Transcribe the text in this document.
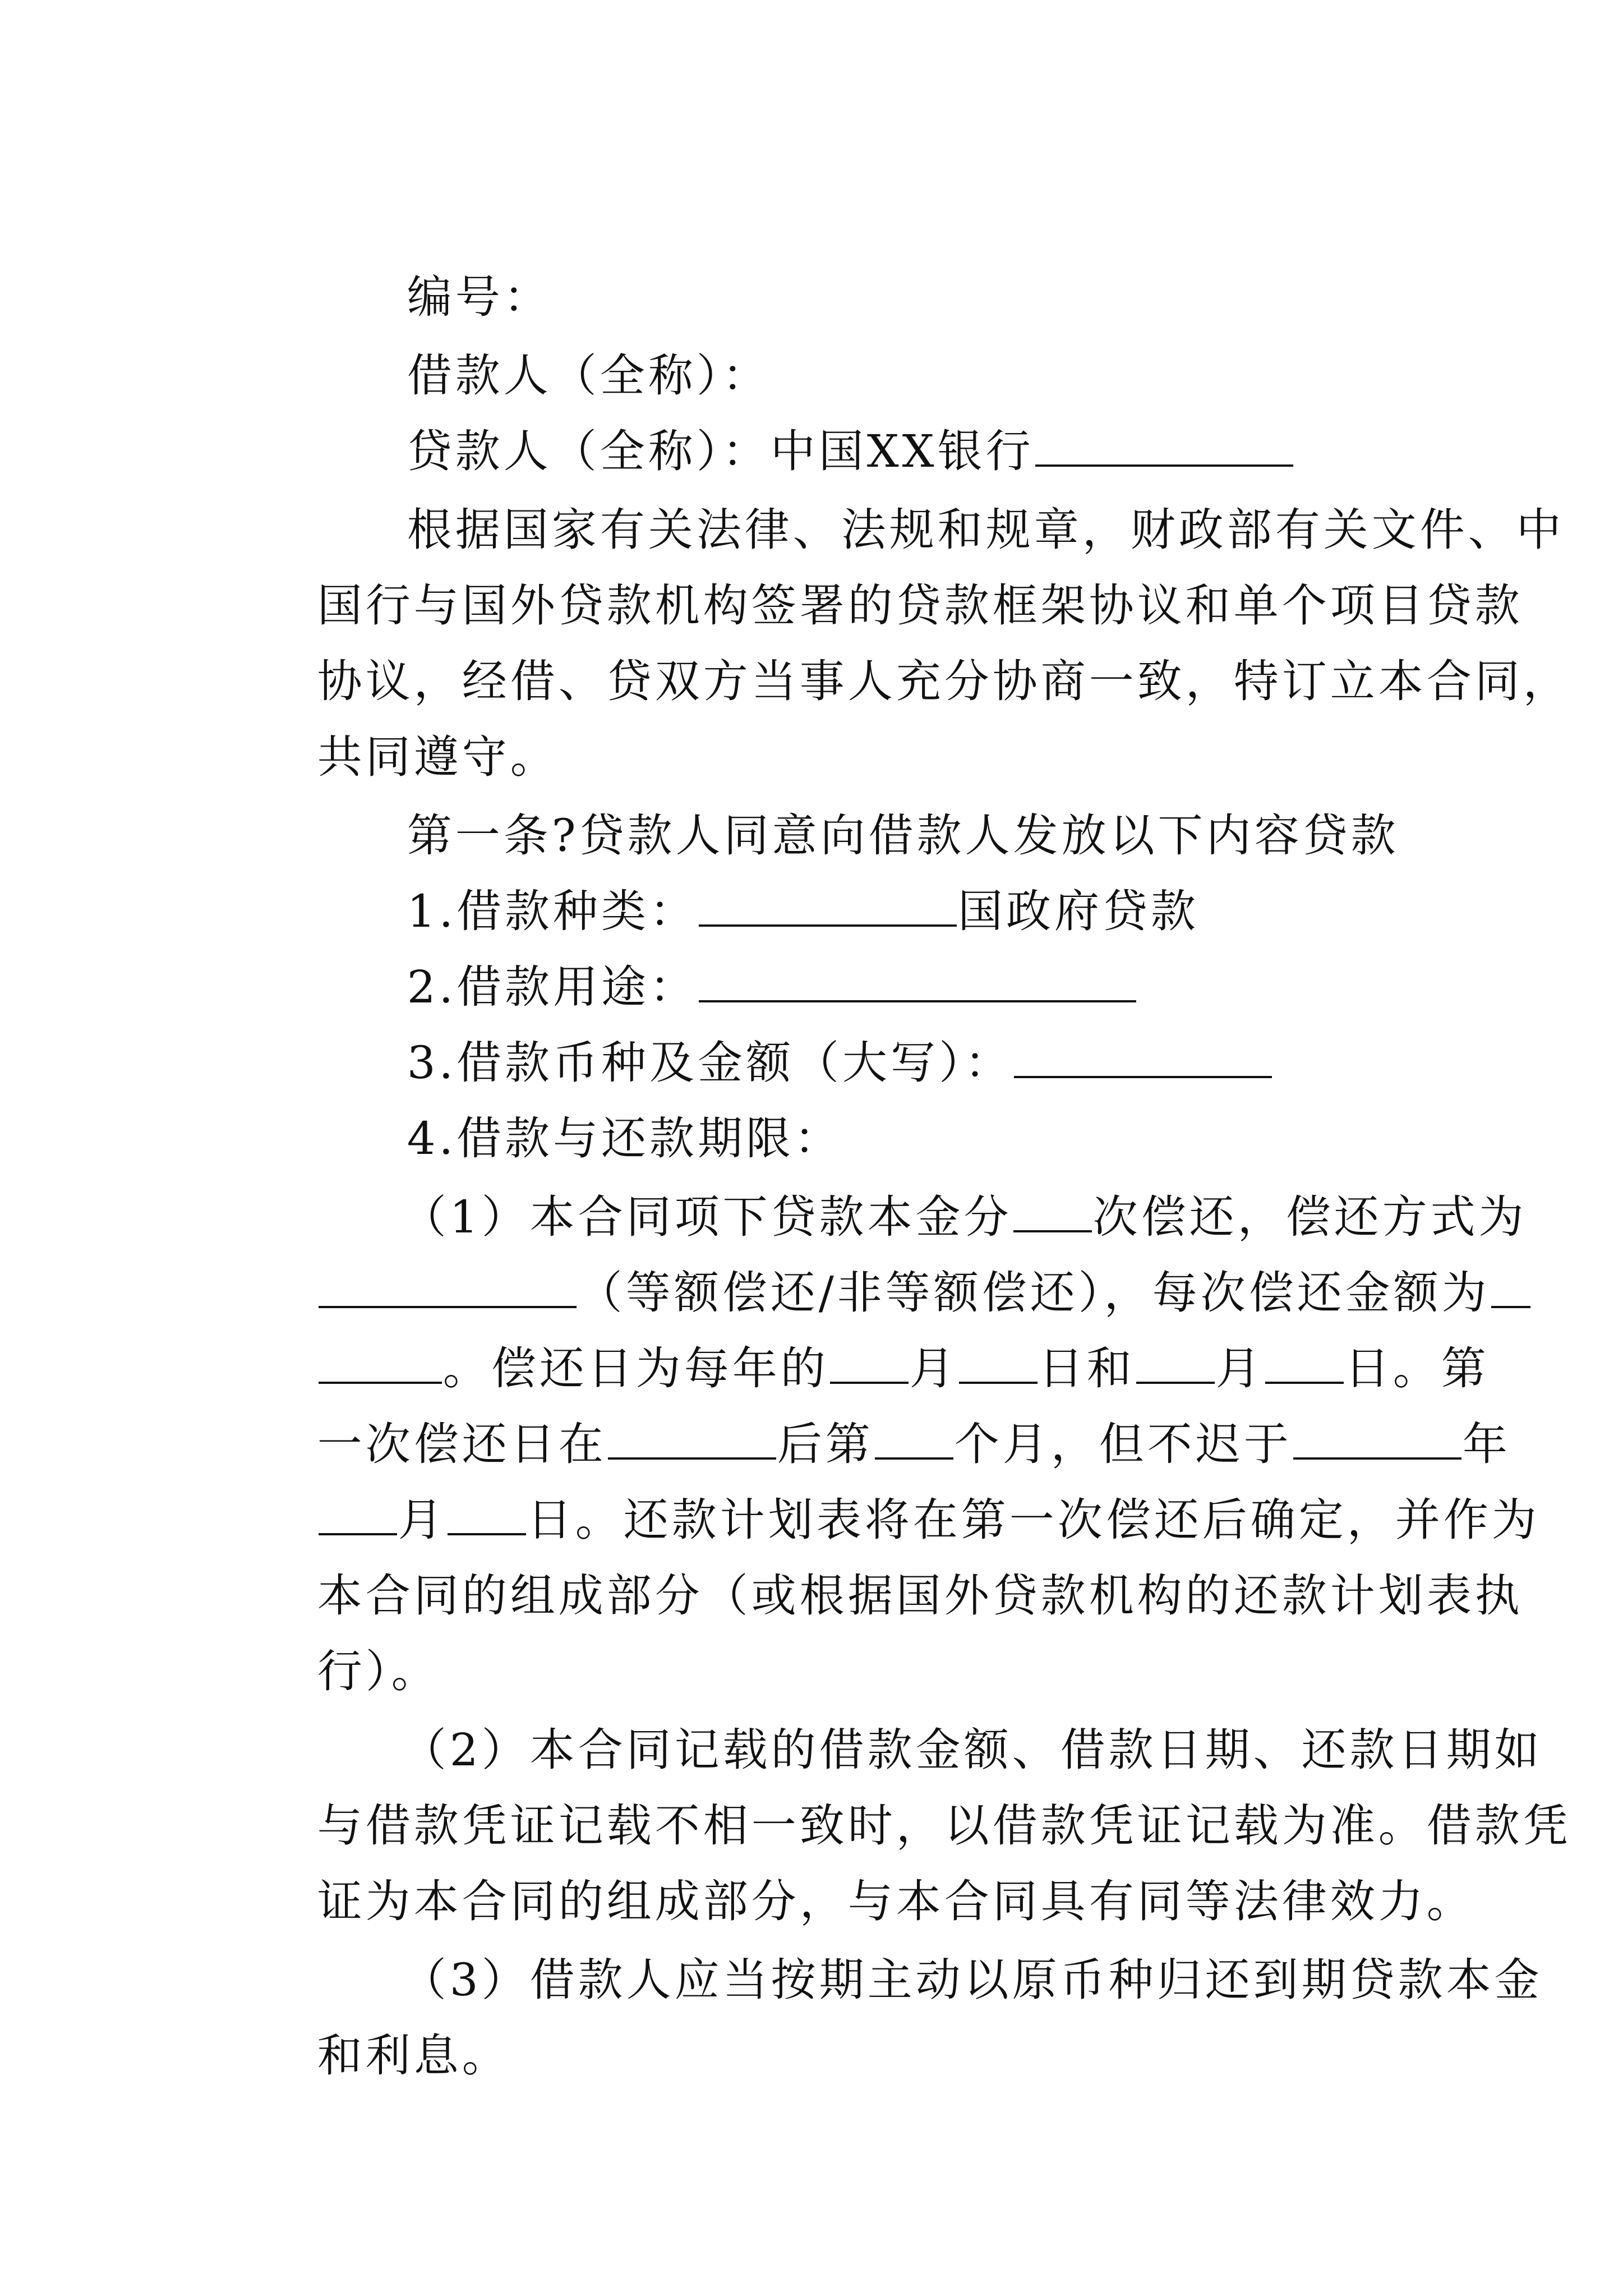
编号：

借款人（全称）：

贷款人（全称）：中国XX银行

根据国家有关法律、法规和规章，财政部有关文件、中

国行与国外贷款机构签署的贷款框架协议和单个项目贷款

协议，经借、贷双方当事人充分协商一致，特订立本合同，

共同遵守。

第一条?贷款人同意向借款人发放以下内容贷款

1.借款种类：	国政府贷款

2.借款用途：

3.借款币种及金额（大写）：

4.借款与还款期限：

（1）本合同项下贷款本金分 次偿还，偿还方式为

（等额偿还/非等额偿还），每次偿还金额为

。偿还日为每年的 月 日和 月 日。第

一次偿还日在	后第 个月，但不迟于	年

月 日。还款计划表将在第一次偿还后确定，并作为

本合同的组成部分（或根据国外贷款机构的还款计划表执

行）。

（2）本合同记载的借款金额、借款日期、还款日期如

与借款凭证记载不相一致时，以借款凭证记载为准。借款凭

证为本合同的组成部分，与本合同具有同等法律效力。

（3）借款人应当按期主动以原币种归还到期贷款本金

和利息。
